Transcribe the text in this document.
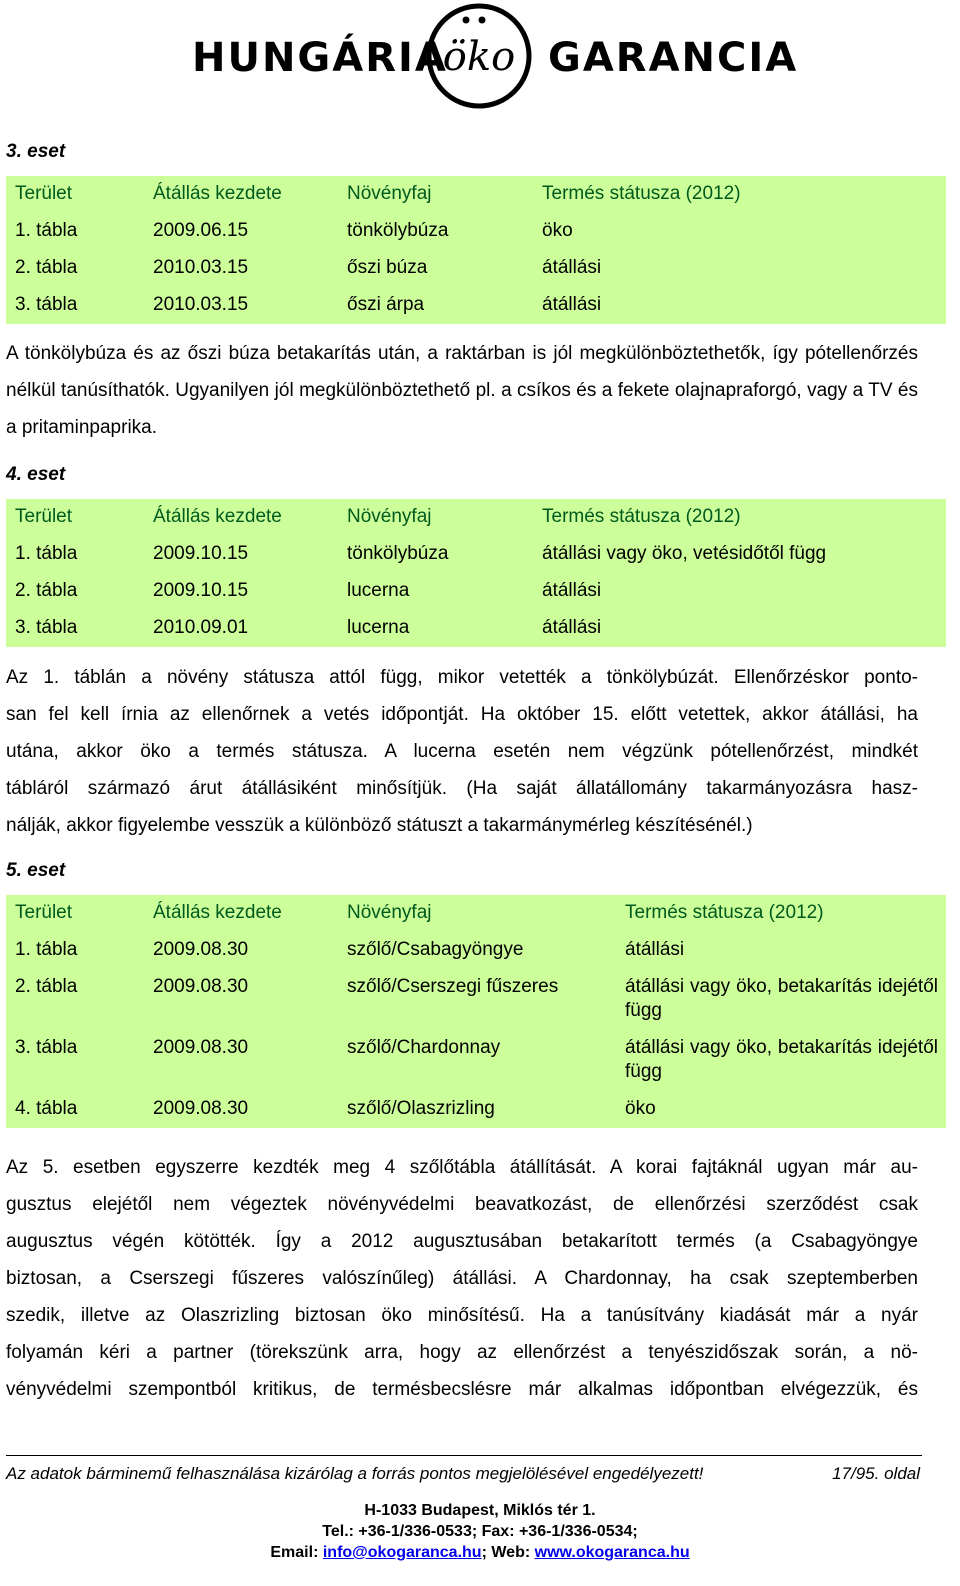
HUNGÁRIA
öko GARANCIA
3. eset
Terület	Átállás kezdete	Növényfaj	Termés státusza (2012)
1. tábla	2009.06.15	tönkölybúza	öko
2. tábla	2010.03.15	őszi búza	átállási
3. tábla	2010.03.15	őszi árpa	átállási
A tönkölybúza és az őszi búza betakarítás után, a raktárban is jól megkülönböztethetők, így pótellenőrzés nélkül tanúsíthatók. Ugyanilyen jól megkülönböztethető pl. a csíkos és a fekete olajnapraforgó, vagy a TV és a pritaminpaprika.
4. eset
Terület	Átállás kezdete	Növényfaj	Termés státusza (2012)
1. tábla	2009.10.15	tönkölybúza	átállási vagy öko, vetésidőtől függ
2. tábla	2009.10.15	lucerna	átállási
3. tábla	2010.09.01	lucerna	átállási
Az 1. táblán a növény státusza attól függ, mikor vetették a tönkölybúzát. Ellenőrzéskor ponto-
san fel kell írnia az ellenőrnek a vetés időpontját. Ha október 15. előtt vetettek, akkor átállási, ha
utána, akkor öko a termés státusza. A lucerna esetén nem végzünk pótellenőrzést, mindkét
tábláról származó árut átállásiként minősítjük. (Ha saját állatállomány takarmányozásra hasz-
nálják, akkor figyelembe vesszük a különböző státuszt a takarmánymérleg készítésénél.)
5. eset
Terület	Átállás kezdete	Növényfaj	Termés státusza (2012)
1. tábla	2009.08.30	szőlő/Csabagyöngye	átállási
2. tábla	2009.08.30	szőlő/Cserszegi fűszeres	átállási vagy öko, betakarítás idejétől függ
3. tábla	2009.08.30	szőlő/Chardonnay	átállási vagy öko, betakarítás idejétől függ
4. tábla	2009.08.30	szőlő/Olaszrizling	öko
Az 5. esetben egyszerre kezdték meg 4 szőlőtábla átállítását. A korai fajtáknál ugyan már au-
gusztus elejétől nem végeztek növényvédelmi beavatkozást, de ellenőrzési szerződést csak
augusztus végén kötötték. Így a 2012 augusztusában betakarított termés (a Csabagyöngye
biztosan, a Cserszegi fűszeres valószínűleg) átállási. A Chardonnay, ha csak szeptemberben
szedik, illetve az Olaszrizling biztosan öko minősítésű. Ha a tanúsítvány kiadását már a nyár
folyamán kéri a partner (törekszünk arra, hogy az ellenőrzést a tenyészidőszak során, a nö-
vényvédelmi szempontból kritikus, de termésbecslésre már alkalmas időpontban elvégezzük, és
Az adatok bárminemű felhasználása kizárólag a forrás pontos megjelölésével engedélyezett!	17/95. oldal
H-1033 Budapest, Miklós tér 1.
Tel.: +36-1/336-0533; Fax: +36-1/336-0534;
Email: info@okogaranca.hu; Web: www.okogaranca.hu
